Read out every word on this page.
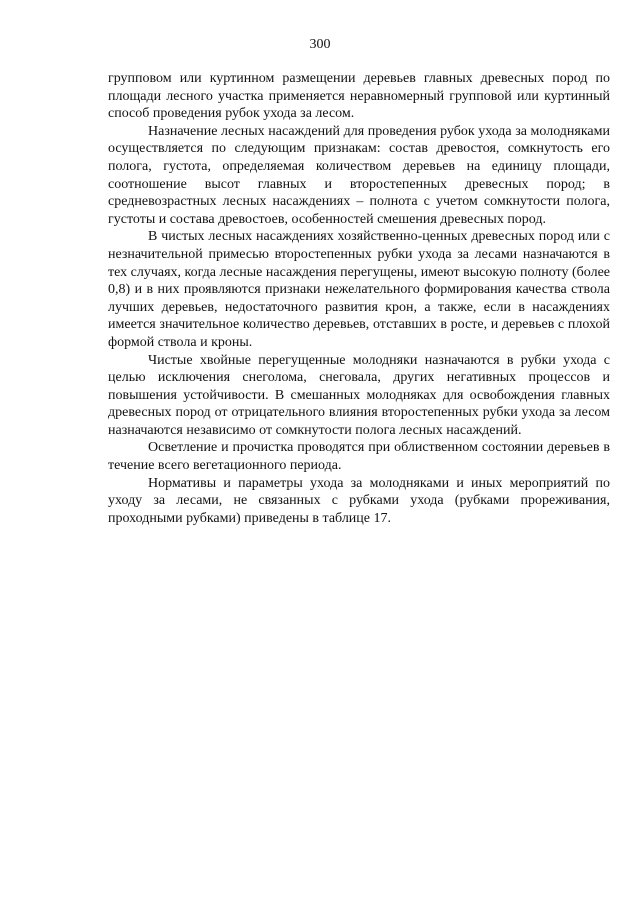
300

групповом или куртинном размещении деревьев главных древесных пород по площади лесного участка применяется неравномерный групповой или куртинный способ проведения рубок ухода за лесом.

Назначение лесных насаждений для проведения рубок ухода за молодняками осуществляется по следующим признакам: состав древостоя, сомкнутость его полога, густота, определяемая количеством деревьев на единицу площади, соотношение высот главных и второстепенных древесных пород; в средневозрастных лесных насаждениях – полнота с учетом сомкнутости полога, густоты и состава древостоев, особенностей смешения древесных пород.

В чистых лесных насаждениях хозяйственно-ценных древесных пород или с незначительной примесью второстепенных рубки ухода за лесами назначаются в тех случаях, когда лесные насаждения перегущены, имеют высокую полноту (более 0,8) и в них проявляются признаки нежелательного формирования качества ствола лучших деревьев, недостаточного развития крон, а также, если в насаждениях имеется значительное количество деревьев, отставших в росте, и деревьев с плохой формой ствола и кроны.

Чистые хвойные перегущенные молодняки назначаются в рубки ухода с целью исключения снеголома, снеговала, других негативных процессов и повышения устойчивости. В смешанных молодняках для освобождения главных древесных пород от отрицательного влияния второстепенных рубки ухода за лесом назначаются независимо от сомкнутости полога лесных насаждений.

Осветление и прочистка проводятся при облиственном состоянии деревьев в течение всего вегетационного периода.

Нормативы и параметры ухода за молодняками и иных мероприятий по уходу за лесами, не связанных с рубками ухода (рубками прореживания, проходными рубками) приведены в таблице 17.
